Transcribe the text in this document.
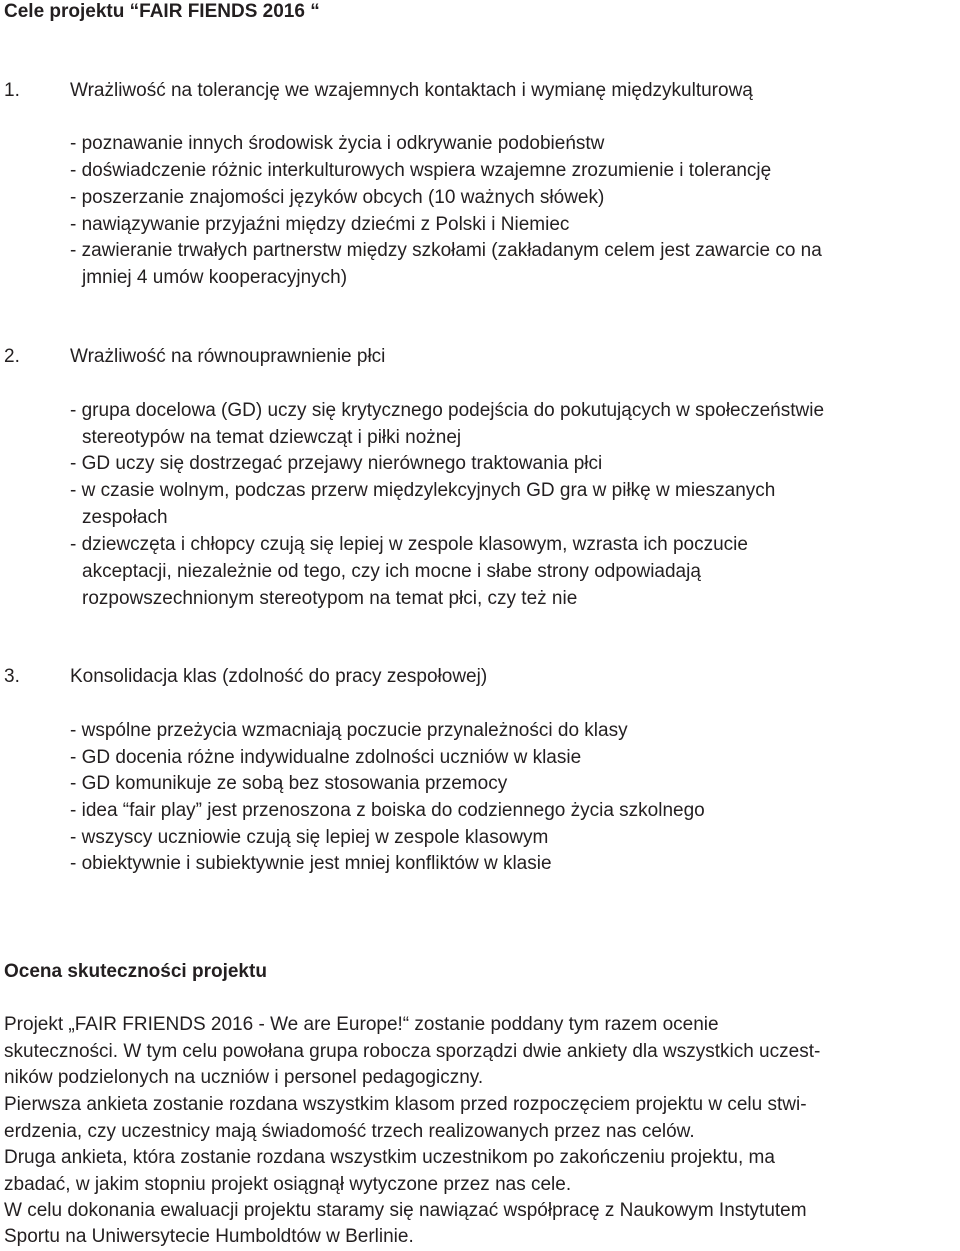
Cele projektu “FAIR FIENDS 2016 “
1.	Wrażliwość na tolerancję we wzajemnych kontaktach i wymianę międzykulturową
- poznawanie innych środowisk życia i odkrywanie podobieństw
- doświadczenie różnic interkulturowych wspiera wzajemne zrozumienie i tolerancję
- poszerzanie znajomości języków obcych (10 ważnych słówek)
- nawiązywanie przyjaźni między dziećmi z Polski i Niemiec
- zawieranie trwałych partnerstw między szkołami (zakładanym celem jest zawarcie co na
jmniej 4 umów kooperacyjnych)
2.	Wrażliwość na równouprawnienie płci
- grupa docelowa (GD) uczy się krytycznego podejścia do pokutujących w społeczeństwie
stereotypów na temat dziewcząt i piłki nożnej
- GD uczy się dostrzegać przejawy nierównego traktowania płci
- w czasie wolnym, podczas przerw międzylekcyjnych GD gra w piłkę w mieszanych
zespołach
- dziewczęta i chłopcy czują się lepiej w zespole klasowym, wzrasta ich poczucie
akceptacji, niezależnie od tego, czy ich mocne i słabe strony odpowiadają
rozpowszechnionym stereotypom na temat płci, czy też nie
3.	Konsolidacja klas (zdolność do pracy zespołowej)
- wspólne przeżycia wzmacniają poczucie przynależności do klasy
- GD docenia różne indywidualne zdolności uczniów w klasie
- GD komunikuje ze sobą bez stosowania przemocy
- idea “fair play” jest przenoszona z boiska do codziennego życia szkolnego
- wszyscy uczniowie czują się lepiej w zespole klasowym
- obiektywnie i subiektywnie jest mniej konfliktów w klasie
Ocena skuteczności projektu
Projekt „FAIR FRIENDS 2016 - We are Europe!“ zostanie poddany tym razem ocenie
skuteczności. W tym celu powołana grupa robocza sporządzi dwie ankiety dla wszystkich uczest-
ników podzielonych na uczniów i personel pedagogiczny.
Pierwsza ankieta zostanie rozdana wszystkim klasom przed rozpoczęciem projektu w celu stwi-
erdzenia, czy uczestnicy mają świadomość trzech realizowanych przez nas celów.
Druga ankieta, która zostanie rozdana wszystkim uczestnikom po zakończeniu projektu, ma
zbadać, w jakim stopniu projekt osiągnął wytyczone przez nas cele.
W celu dokonania ewaluacji projektu staramy się nawiązać współpracę z Naukowym Instytutem
Sportu na Uniwersytecie Humboldtów w Berlinie.
